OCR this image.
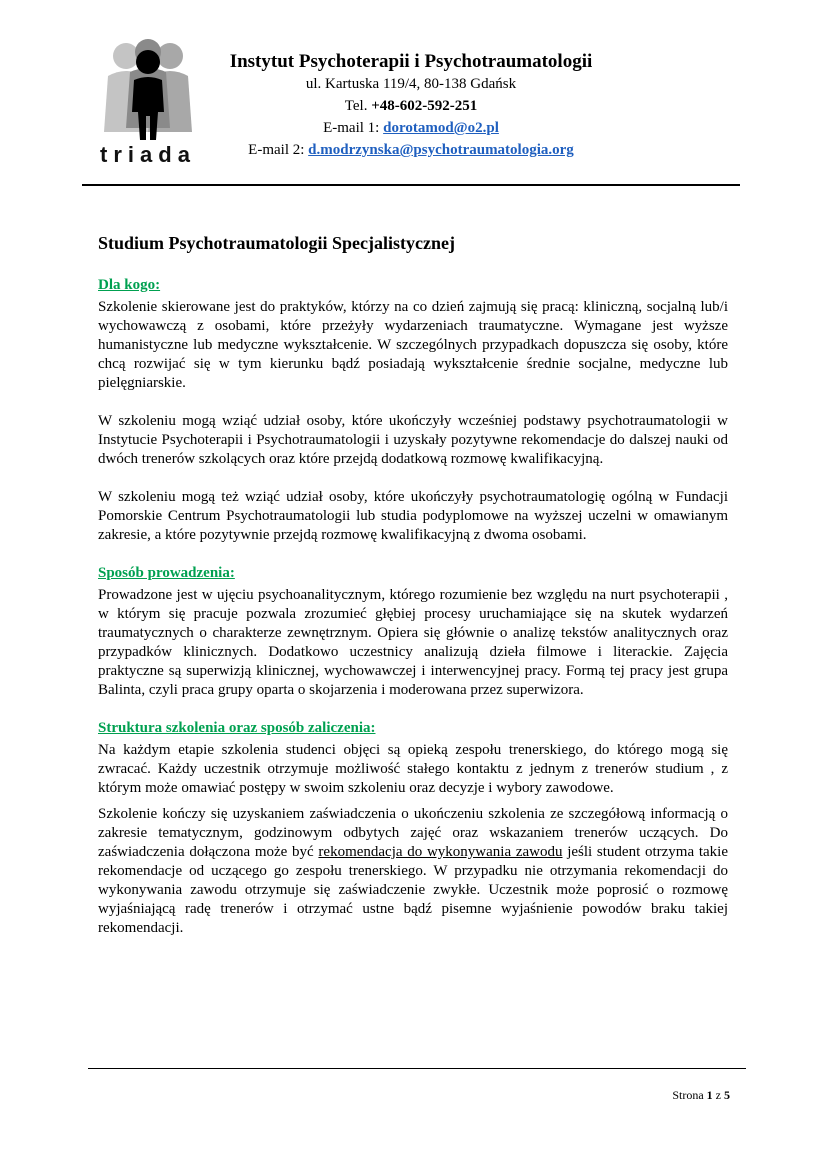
triada
Instytut Psychoterapii i Psychotraumatologii
ul. Kartuska 119/4, 80-138 Gdańsk
Tel. +48-602-592-251
E-mail 1: dorotamod@o2.pl
E-mail 2: d.modrzynska@psychotraumatologia.org
Studium Psychotraumatologii Specjalistycznej
Dla kogo:

Szkolenie skierowane jest do praktyków, którzy na co dzień zajmują się pracą: kliniczną, socjalną lub/i wychowawczą z osobami, które przeżyły wydarzeniach traumatyczne. Wymagane jest wyższe humanistyczne lub medyczne wykształcenie. W szczególnych przypadkach dopuszcza się osoby, które chcą rozwijać się w tym kierunku bądź posiadają wykształcenie średnie socjalne, medyczne lub pielęgniarskie.

W szkoleniu mogą wziąć udział osoby, które ukończyły wcześniej podstawy psychotraumatologii w Instytucie Psychoterapii i Psychotraumatologii i uzyskały pozytywne rekomendacje do dalszej nauki od dwóch trenerów szkolących oraz które przejdą dodatkową rozmowę kwalifikacyjną.

W szkoleniu mogą też wziąć udział osoby, które ukończyły psychotraumatologię ogólną w Fundacji Pomorskie Centrum Psychotraumatologii lub studia podyplomowe na wyższej uczelni w omawianym zakresie, a które pozytywnie przejdą rozmowę kwalifikacyjną z dwoma osobami.

Sposób prowadzenia:

Prowadzone jest w ujęciu psychoanalitycznym, którego rozumienie bez względu na nurt psychoterapii , w którym się pracuje pozwala zrozumieć głębiej procesy uruchamiające się na skutek wydarzeń traumatycznych o charakterze zewnętrznym. Opiera się głównie o analizę tekstów analitycznych oraz przypadków klinicznych. Dodatkowo uczestnicy analizują dzieła filmowe i literackie. Zajęcia praktyczne są superwizją klinicznej, wychowawczej i interwencyjnej pracy. Formą tej pracy jest grupa Balinta, czyli praca grupy oparta o skojarzenia i moderowana przez superwizora.

Struktura szkolenia oraz sposób zaliczenia:

Na każdym etapie szkolenia studenci objęci są opieką zespołu trenerskiego, do którego mogą się zwracać. Każdy uczestnik otrzymuje możliwość stałego kontaktu z jednym z trenerów studium , z którym może omawiać postępy w swoim szkoleniu oraz decyzje i wybory zawodowe.

Szkolenie kończy się uzyskaniem zaświadczenia o ukończeniu szkolenia ze szczegółową informacją o zakresie tematycznym, godzinowym odbytych zajęć oraz wskazaniem trenerów uczących. Do zaświadczenia dołączona może być rekomendacja do wykonywania zawodu jeśli student otrzyma takie rekomendacje od uczącego go zespołu trenerskiego. W przypadku nie otrzymania rekomendacji do wykonywania zawodu otrzymuje się zaświadczenie zwykłe. Uczestnik może poprosić o rozmowę wyjaśniającą radę trenerów i otrzymać ustne bądź pisemne wyjaśnienie powodów braku takiej rekomendacji.

Strona 1 z 5
